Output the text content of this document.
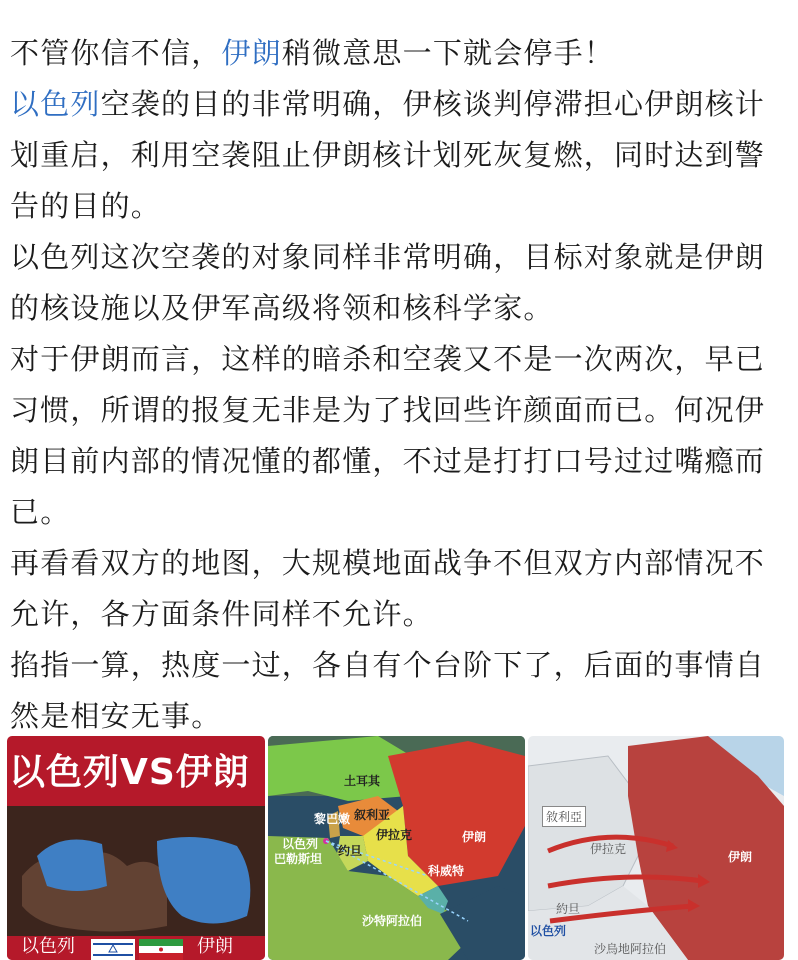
不管你信不信，伊朗稍微意思一下就会停手！

以色列空袭的目的非常明确，伊核谈判停滞担心伊朗核计划重启，利用空袭阻止伊朗核计划死灰复燃，同时达到警告的目的。

以色列这次空袭的对象同样非常明确，目标对象就是伊朗的核设施以及伊军高级将领和核科学家。

对于伊朗而言，这样的暗杀和空袭又不是一次两次，早已习惯，所谓的报复无非是为了找回些许颜面而已。何况伊朗目前内部的情况懂的都懂，不过是打打口号过过嘴瘾而已。

再看看双方的地图，大规模地面战争不但双方内部情况不允许，各方面条件同样不允许。

掐指一算，热度一过，各自有个台阶下了，后面的事情自然是相安无事。

以色列VS伊朗
以色列	伊朗
土耳其
叙利亚
黎巴嫩
以色列
巴勒斯坦
约旦
伊拉克	伊朗
科威特
沙特阿拉伯
敘利亞
伊拉克
伊朗
約旦
以色列
沙烏地阿拉伯
